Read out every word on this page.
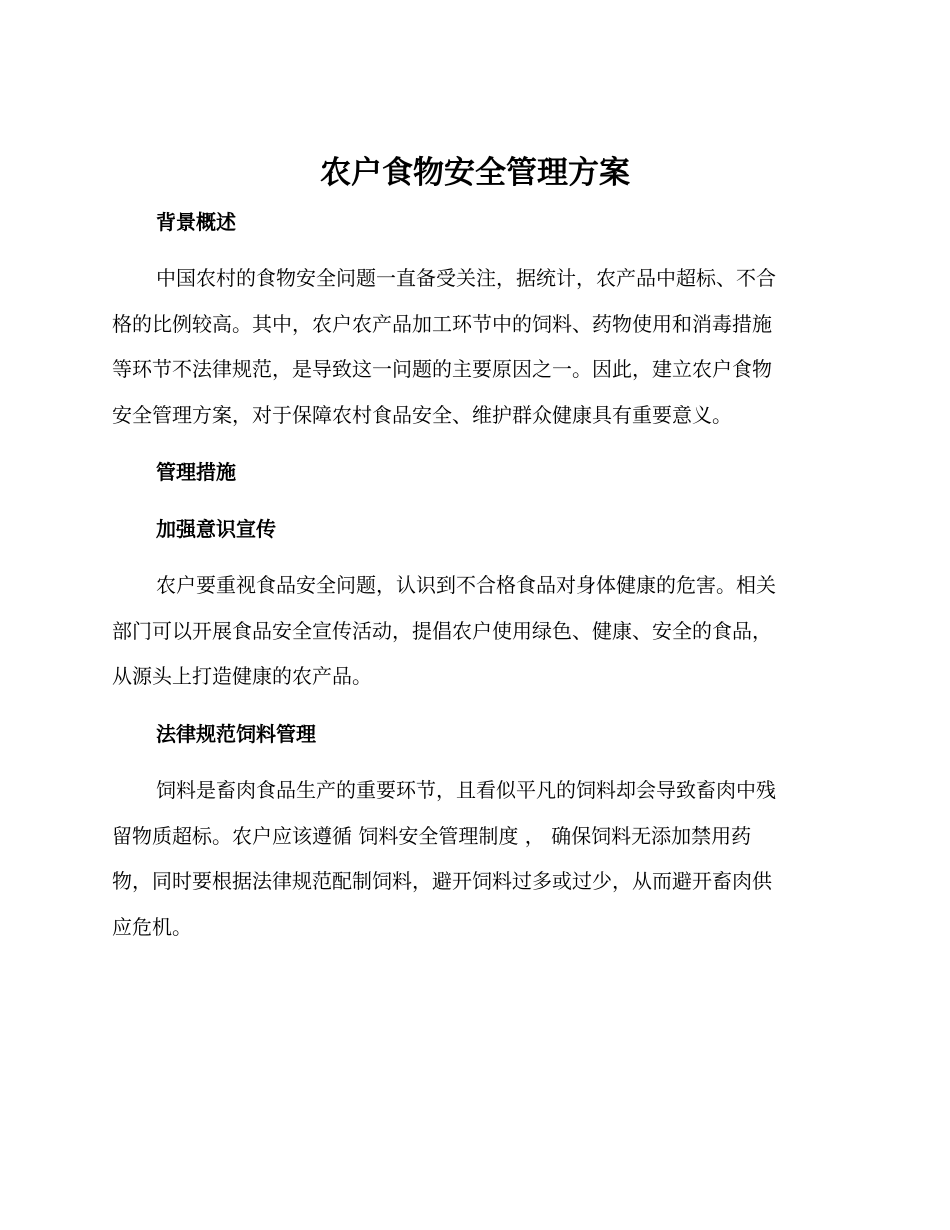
农户食物安全管理方案
背景概述
中国农村的食物安全问题一直备受关注，据统计，农产品中超标、不合
格的比例较高。其中，农户农产品加工环节中的饲料、药物使用和消毒措施
等环节不法律规范，是导致这一问题的主要原因之一。因此，建立农户食物
安全管理方案，对于保障农村食品安全、维护群众健康具有重要意义。
管理措施
加强意识宣传
农户要重视食品安全问题，认识到不合格食品对身体健康的危害。相关
部门可以开展食品安全宣传活动，提倡农户使用绿色、健康、安全的食品，
从源头上打造健康的农产品。
法律规范饲料管理
饲料是畜肉食品生产的重要环节，且看似平凡的饲料却会导致畜肉中残
留物质超标。农户应该遵循 饲料安全管理制度 ， 确保饲料无添加禁用药
物，同时要根据法律规范配制饲料，避开饲料过多或过少，从而避开畜肉供
应危机。
